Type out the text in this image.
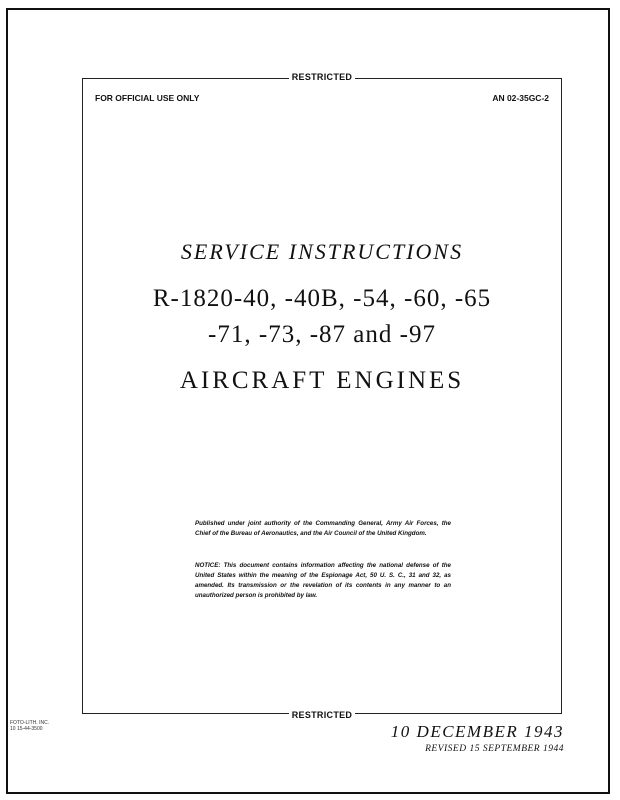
RESTRICTED
FOR OFFICIAL USE ONLY	AN 02-35GC-2
SERVICE INSTRUCTIONS
R-1820-40, -40B, -54, -60, -65
-71, -73, -87 and -97
AIRCRAFT ENGINES
Published under joint authority of the Commanding General, Army Air Forces, the Chief of the Bureau of Aeronautics, and the Air Council of the United Kingdom.
NOTICE: This document contains information affecting the national defense of the United States within the meaning of the Espionage Act, 50 U. S. C., 31 and 32, as amended. Its transmission or the revelation of its contents in any manner to an unauthorized person is prohibited by law.
RESTRICTED
FOTO-LITH. INC.
10 15-44-3500	10 DECEMBER 1943
REVISED 15 SEPTEMBER 1944
